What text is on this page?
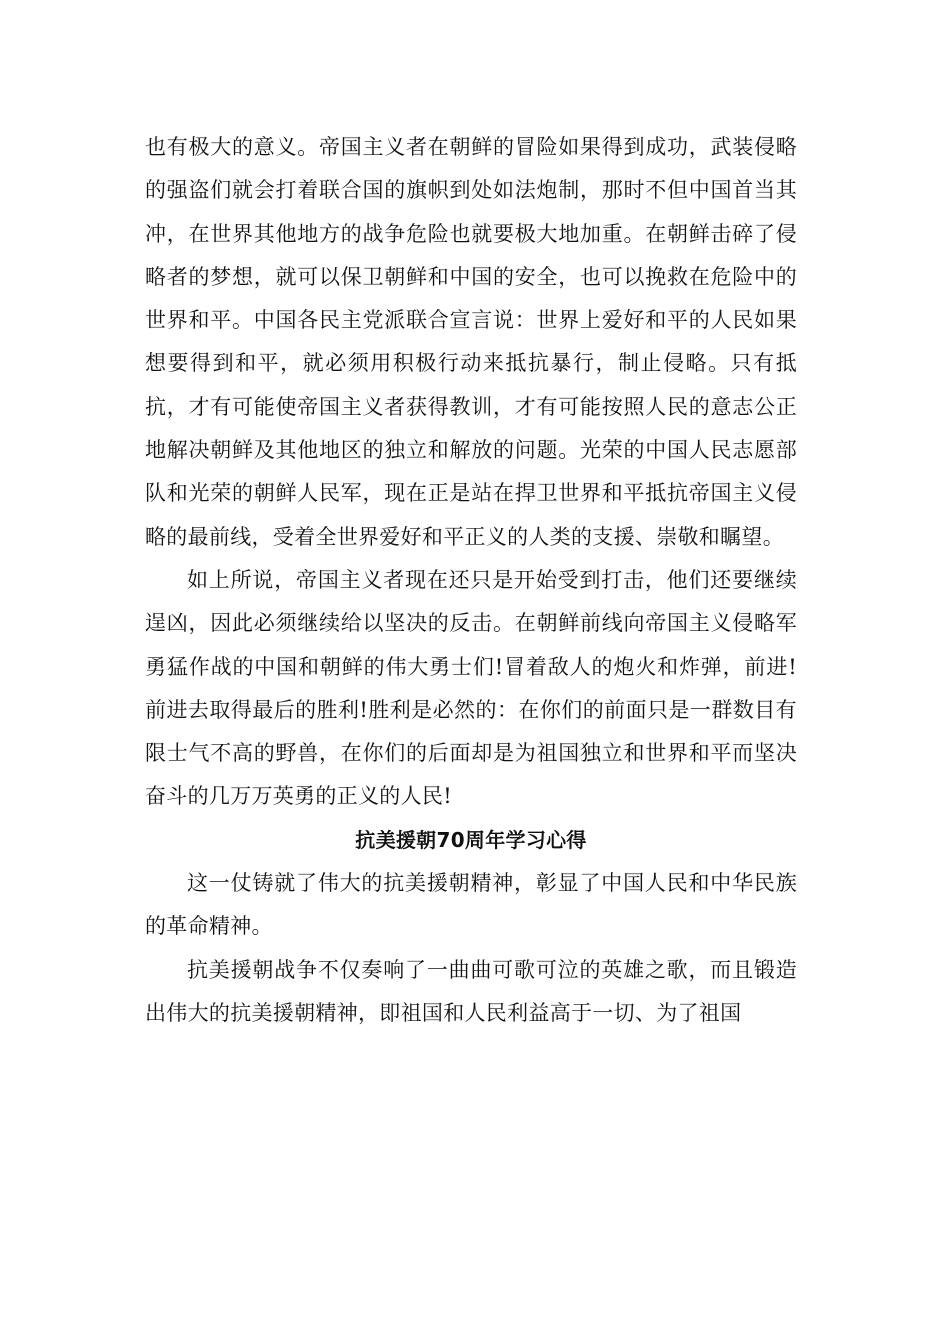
也有极大的意义。帝国主义者在朝鲜的冒险如果得到成功，武装侵略的强盗们就会打着联合国的旗帜到处如法炮制，那时不但中国首当其冲，在世界其他地方的战争危险也就要极大地加重。在朝鲜击碎了侵略者的梦想，就可以保卫朝鲜和中国的安全，也可以挽救在危险中的世界和平。中国各民主党派联合宣言说：世界上爱好和平的人民如果想要得到和平，就必须用积极行动来抵抗暴行，制止侵略。只有抵抗，才有可能使帝国主义者获得教训，才有可能按照人民的意志公正地解决朝鲜及其他地区的独立和解放的问题。光荣的中国人民志愿部队和光荣的朝鲜人民军，现在正是站在捍卫世界和平抵抗帝国主义侵略的最前线，受着全世界爱好和平正义的人类的支援、崇敬和瞩望。

如上所说，帝国主义者现在还只是开始受到打击，他们还要继续逞凶，因此必须继续给以坚决的反击。在朝鲜前线向帝国主义侵略军勇猛作战的中国和朝鲜的伟大勇士们!冒着敌人的炮火和炸弹，前进!前进去取得最后的胜利!胜利是必然的：在你们的前面只是一群数目有限士气不高的野兽，在你们的后面却是为祖国独立和世界和平而坚决奋斗的几万万英勇的正义的人民!

抗美援朝70周年学习心得

这一仗铸就了伟大的抗美援朝精神，彰显了中国人民和中华民族的革命精神。

抗美援朝战争不仅奏响了一曲曲可歌可泣的英雄之歌，而且锻造出伟大的抗美援朝精神，即祖国和人民利益高于一切、为了祖国
